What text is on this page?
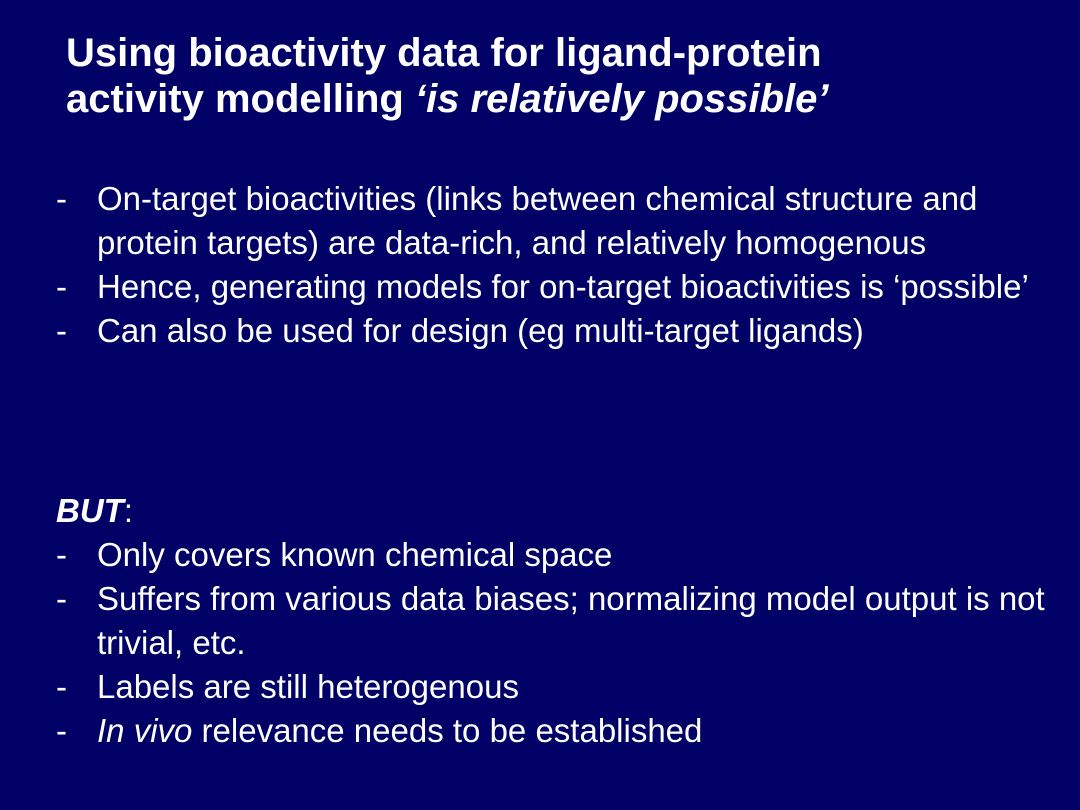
Using bioactivity data for ligand-protein
activity modelling ‘is relatively possible’
- On-target bioactivities (links between chemical structure and protein targets) are data-rich, and relatively homogenous
- Hence, generating models for on-target bioactivities is ‘possible’
- Can also be used for design (eg multi-target ligands)
BUT:
- Only covers known chemical space
- Suffers from various data biases; normalizing model output is not trivial, etc.
- Labels are still heterogenous
- In vivo relevance needs to be established
